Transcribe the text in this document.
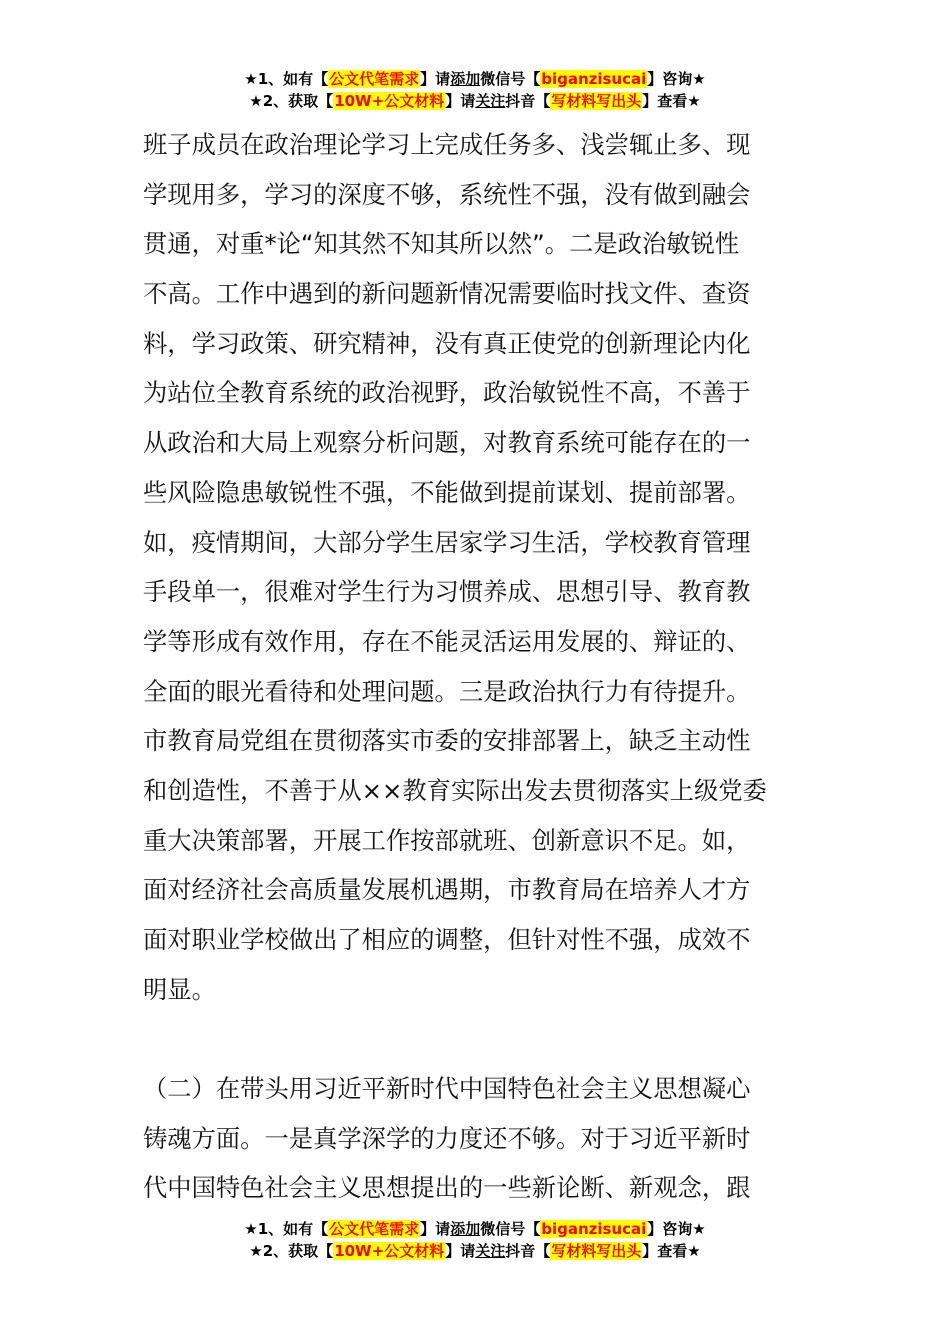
★1、如有【公文代笔需求】请添加微信号【biganzisucai】咨询★
★2、获取【10W+公文材料】请关注抖音【写材料写出头】查看★
班子成员在政治理论学习上完成任务多、浅尝辄止多、现
学现用多，学习的深度不够，系统性不强，没有做到融会
贯通，对重*论“知其然不知其所以然”。二是政治敏锐性
不高。工作中遇到的新问题新情况需要临时找文件、查资
料，学习政策、研究精神，没有真正使党的创新理论内化
为站位全教育系统的政治视野，政治敏锐性不高，不善于
从政治和大局上观察分析问题，对教育系统可能存在的一
些风险隐患敏锐性不强，不能做到提前谋划、提前部署。
如，疫情期间，大部分学生居家学习生活，学校教育管理
手段单一，很难对学生行为习惯养成、思想引导、教育教
学等形成有效作用，存在不能灵活运用发展的、辩证的、
全面的眼光看待和处理问题。三是政治执行力有待提升。
市教育局党组在贯彻落实市委的安排部署上，缺乏主动性
和创造性，不善于从××教育实际出发去贯彻落实上级党委
重大决策部署，开展工作按部就班、创新意识不足。如，
面对经济社会高质量发展机遇期，市教育局在培养人才方
面对职业学校做出了相应的调整，但针对性不强，成效不
明显。
（二）在带头用习近平新时代中国特色社会主义思想凝心
铸魂方面。一是真学深学的力度还不够。对于习近平新时
代中国特色社会主义思想提出的一些新论断、新观念，跟
★1、如有【公文代笔需求】请添加微信号【biganzisucai】咨询★
★2、获取【10W+公文材料】请关注抖音【写材料写出头】查看★
